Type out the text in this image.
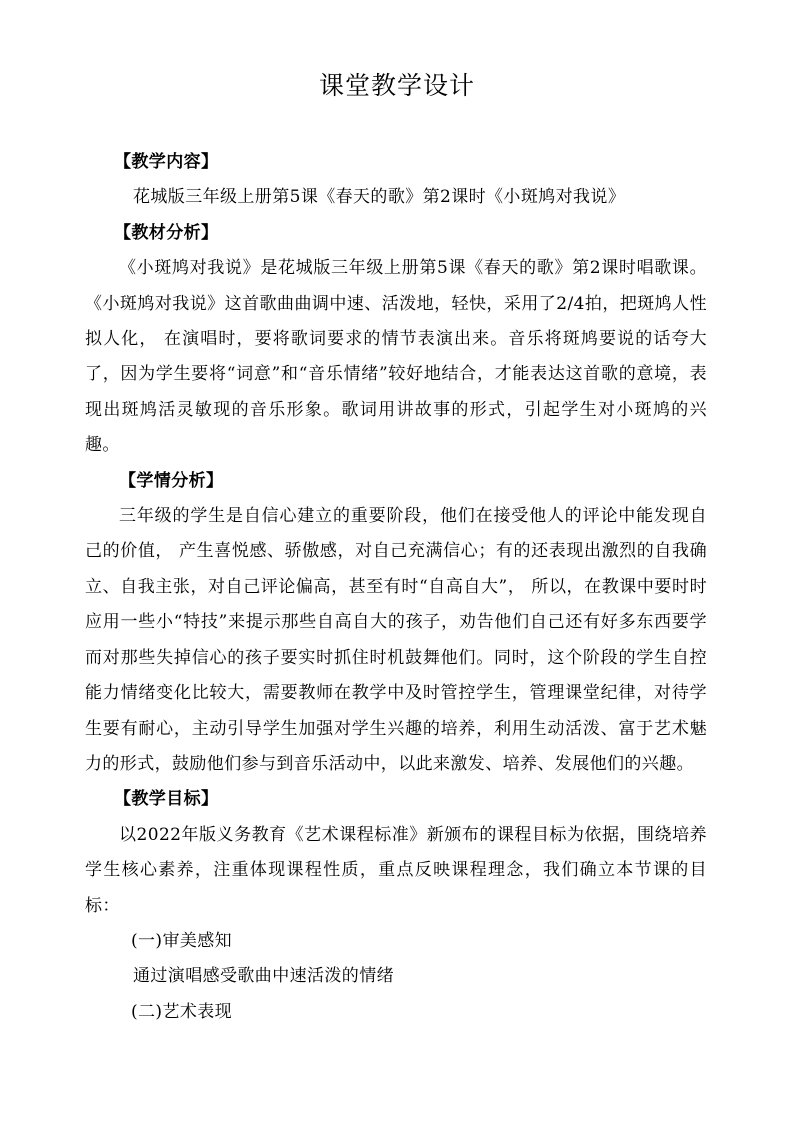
课堂教学设计

【教学内容】

花城版三年级上册第5课《春天的歌》第2课时《小斑鸠对我说》

【教材分析】

《小斑鸠对我说》是花城版三年级上册第5课《春天的歌》第2课时唱歌课。《小斑鸠对我说》这首歌曲曲调中速、活泼地，轻快，采用了2/4拍，把斑鸠人性拟人化， 在演唱时，要将歌词要求的情节表演出来。音乐将斑鸠要说的话夸大了，因为学生要将“词意”和“音乐情绪”较好地结合，才能表达这首歌的意境，表现出斑鸠活灵敏现的音乐形象。歌词用讲故事的形式，引起学生对小斑鸠的兴趣。

【学情分析】

三年级的学生是自信心建立的重要阶段，他们在接受他人的评论中能发现自己的价值， 产生喜悦感、骄傲感，对自己充满信心；有的还表现出激烈的自我确立、自我主张，对自己评论偏高，甚至有时“自高自大”， 所以，在教课中要时时应用一些小“特技”来提示那些自高自大的孩子，劝告他们自己还有好多东西要学而对那些失掉信心的孩子要实时抓住时机鼓舞他们。同时，这个阶段的学生自控能力情绪变化比较大，需要教师在教学中及时管控学生，管理课堂纪律，对待学生要有耐心，主动引导学生加强对学生兴趣的培养，利用生动活泼、富于艺术魅力的形式，鼓励他们参与到音乐活动中，以此来激发、培养、发展他们的兴趣。

【教学目标】

以2022年版义务教育《艺术课程标准》新颁布的课程目标为依据，围绕培养学生核心素养，注重体现课程性质，重点反映课程理念，我们确立本节课的目标：

(一)审美感知

通过演唱感受歌曲中速活泼的情绪

(二)艺术表现
